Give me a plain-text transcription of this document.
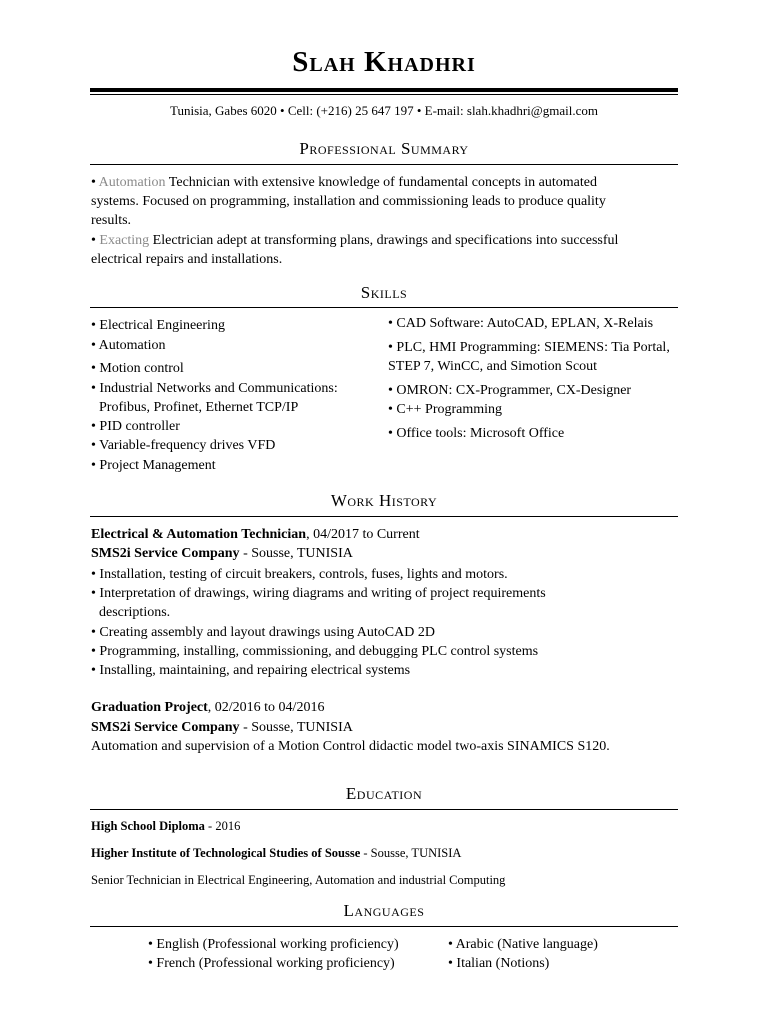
Slah Khadhri
Tunisia, Gabes 6020 • Cell: (+216) 25 647 197 • E-mail: slah.khadhri@gmail.com
Professional Summary
• Automation Technician with extensive knowledge of fundamental concepts in automated
systems. Focused on programming, installation and commissioning leads to produce quality
results.
• Exacting Electrician adept at transforming plans, drawings and specifications into successful
electrical repairs and installations.
Skills
• Electrical Engineering
• Automation
• Motion control
• Industrial Networks and Communications:
Profibus, Profinet, Ethernet TCP/IP
• PID controller
• Variable-frequency drives VFD
• Project Management
• CAD Software: AutoCAD, EPLAN, X-Relais
• PLC, HMI Programming: SIEMENS: Tia Portal,
STEP 7, WinCC, and Simotion Scout
• OMRON: CX-Programmer, CX-Designer
• C++ Programming
• Office tools: Microsoft Office
Work History
Electrical & Automation Technician, 04/2017 to Current
SMS2i Service Company - Sousse, TUNISIA
• Installation, testing of circuit breakers, controls, fuses, lights and motors.
• Interpretation of drawings, wiring diagrams and writing of project requirements
descriptions.
• Creating assembly and layout drawings using AutoCAD 2D
• Programming, installing, commissioning, and debugging PLC control systems
• Installing, maintaining, and repairing electrical systems
Graduation Project, 02/2016 to 04/2016
SMS2i Service Company - Sousse, TUNISIA
Automation and supervision of a Motion Control didactic model two-axis SINAMICS S120.
Education
High School Diploma - 2016
Higher Institute of Technological Studies of Sousse - Sousse, TUNISIA
Senior Technician in Electrical Engineering, Automation and industrial Computing
Languages
• English (Professional working proficiency)
• French (Professional working proficiency)
• Arabic (Native language)
• Italian (Notions)
